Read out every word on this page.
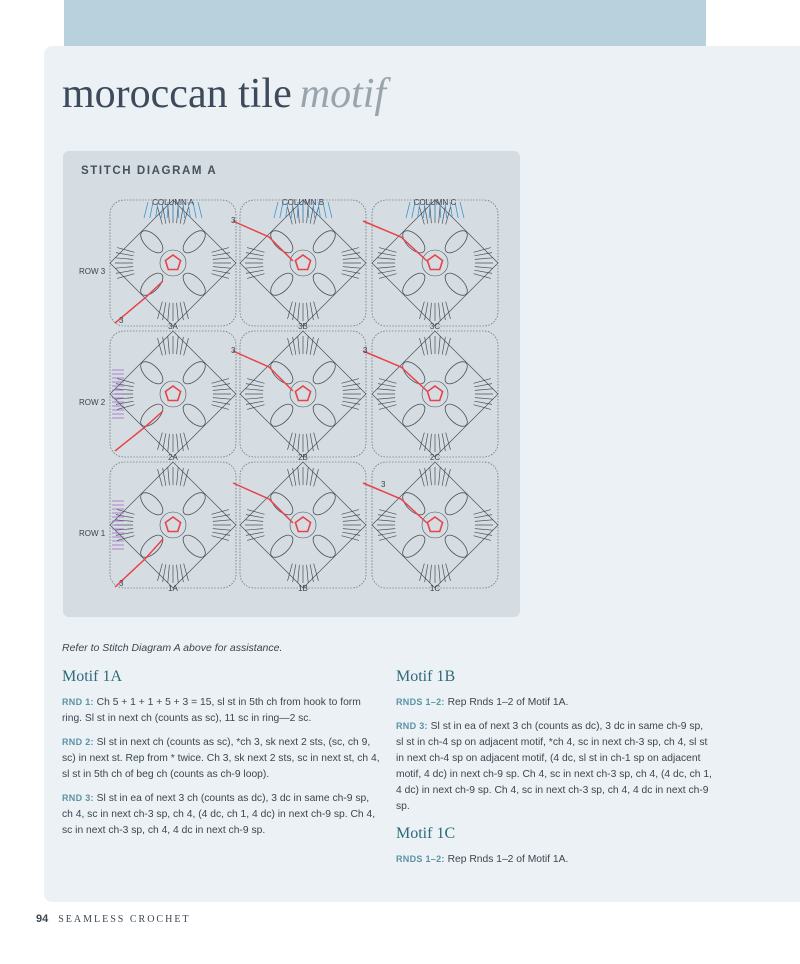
moroccan tile motif
STITCH DIAGRAM A
COLUMN A	COLUMN B	COLUMN C
ROW 3
ROW 2
ROW 1
3A	3B	3C
2A	2B	2C
1A	1B	1C
3
3
3	3
3
3
Refer to Stitch Diagram A above for assistance.
Motif 1A

RND 1: Ch 5 + 1 + 1 + 5 + 3 = 15, sl st in 5th ch from hook to form ring. Sl st in next ch (counts as sc), 11 sc in ring—2 sc.

RND 2: Sl st in next ch (counts as sc), *ch 3, sk next 2 sts, (sc, ch 9, sc) in next st. Rep from * twice. Ch 3, sk next 2 sts, sc in next st, ch 4, sl st in 5th ch of beg ch (counts as ch-9 loop).

RND 3: Sl st in ea of next 3 ch (counts as dc), 3 dc in same ch-9 sp, ch 4, sc in next ch-3 sp, ch 4, (4 dc, ch 1, 4 dc) in next ch-9 sp. Ch 4, sc in next ch-3 sp, ch 4, 4 dc in next ch-9 sp.

Motif 1B

RNDS 1–2: Rep Rnds 1–2 of Motif 1A.

RND 3: Sl st in ea of next 3 ch (counts as dc), 3 dc in same ch-9 sp, sl st in ch-4 sp on adjacent motif, *ch 4, sc in next ch-3 sp, ch 4, sl st in next ch-4 sp on adjacent motif, (4 dc, sl st in ch-1 sp on adjacent motif, 4 dc) in next ch-9 sp. Ch 4, sc in next ch-3 sp, ch 4, (4 dc, ch 1, 4 dc) in next ch-9 sp. Ch 4, sc in next ch-3 sp, ch 4, 4 dc in next ch-9 sp.

Motif 1C

RNDS 1–2: Rep Rnds 1–2 of Motif 1A.

94 SEAMLESS CROCHET
